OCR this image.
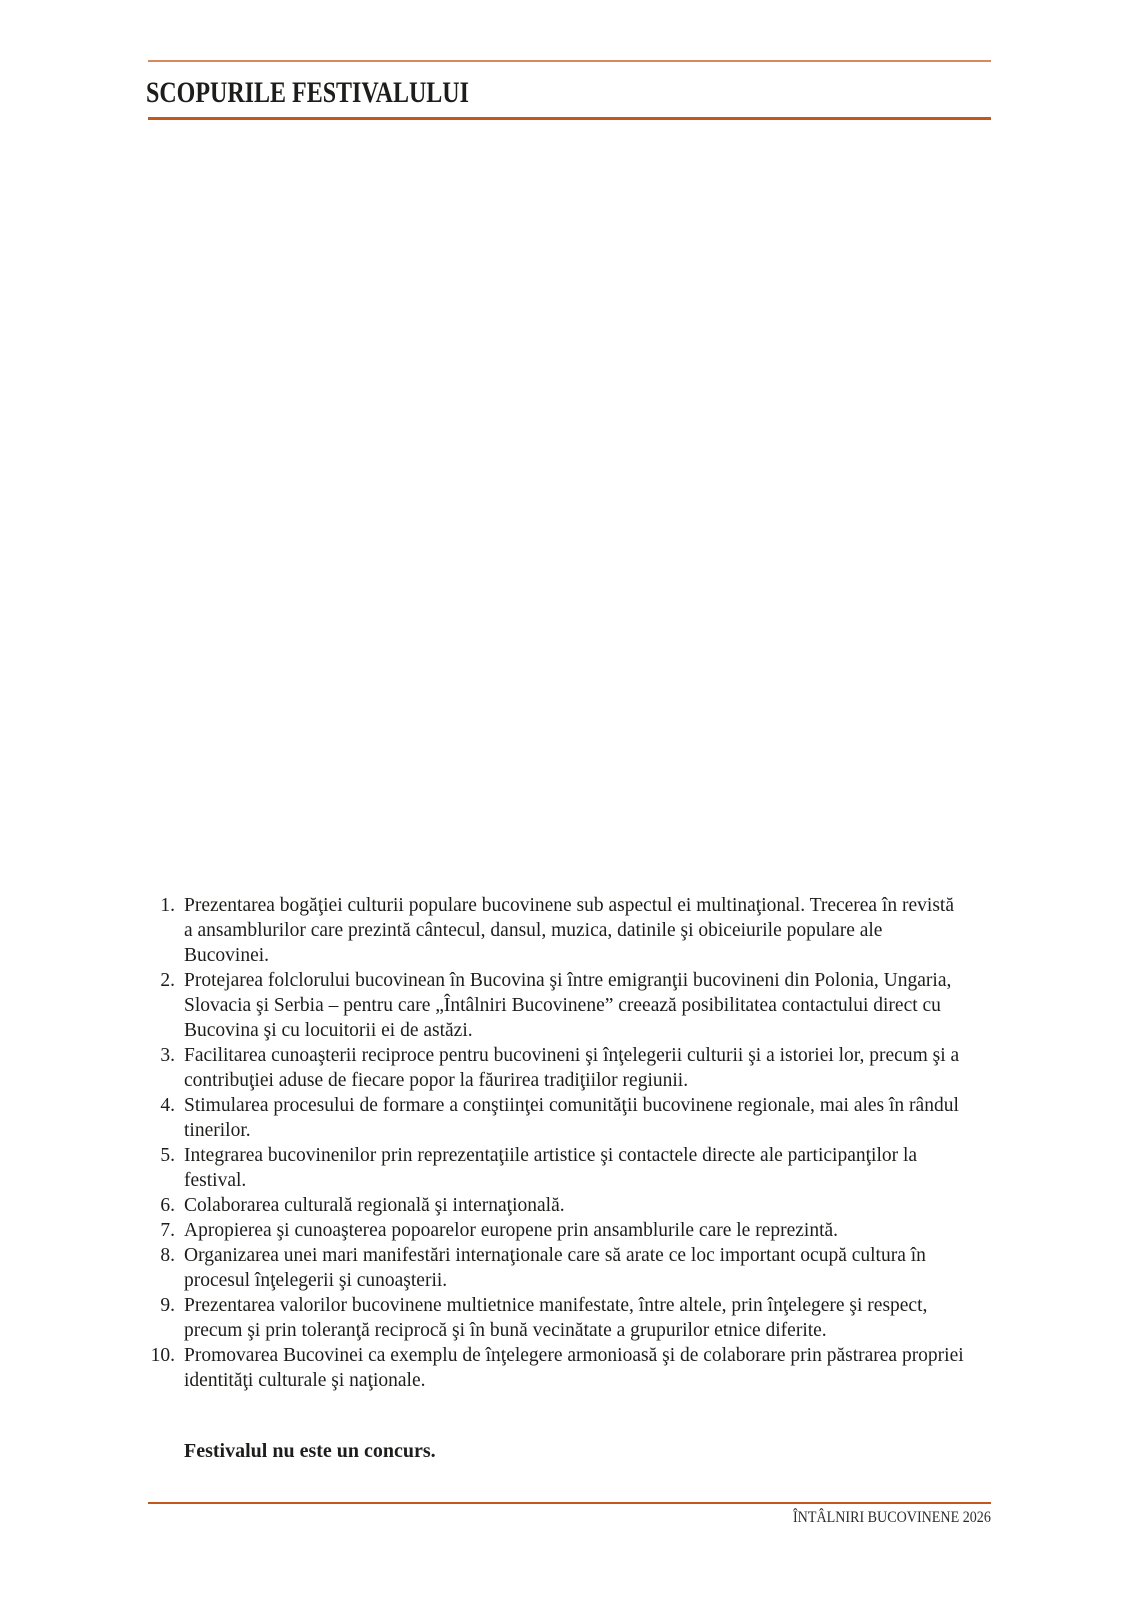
SCOPURILE FESTIVALULUI
Prezentarea bogăţiei culturii populare bucovinene sub aspectul ei multinaţional. Trecerea în revistă a ansamblurilor care prezintă cântecul, dansul, muzica, datinile şi obiceiurile populare ale Bucovinei.
Protejarea folclorului bucovinean în Bucovina şi între emigranţii bucovineni din Polonia, Ungaria, Slovacia şi Serbia – pentru care „Întâlniri Bucovinene” creează posibilitatea contactului direct cu Bucovina şi cu locuitorii ei de astăzi.
Facilitarea cunoaşterii reciproce pentru bucovineni şi înţelegerii culturii şi a istoriei lor, precum şi a contribuţiei aduse de fiecare popor la făurirea tradiţiilor regiunii.
Stimularea procesului de formare a conştiinţei comunităţii bucovinene regionale, mai ales în rândul tinerilor.
Integrarea bucovinenilor prin reprezentaţiile artistice şi contactele directe ale participanţilor la festival.
Colaborarea culturală regională şi internaţională.
Apropierea şi cunoaşterea popoarelor europene prin ansamblurile care le reprezintă.
Organizarea unei mari manifestări internaţionale care să arate ce loc important ocupă cultura în procesul înţelegerii şi cunoaşterii.
Prezentarea valorilor bucovinene multietnice manifestate, între altele, prin înţelegere şi respect, precum şi prin toleranţă reciprocă şi în bună vecinătate a grupurilor etnice diferite.
Promovarea Bucovinei ca exemplu de înţelegere armonioasă şi de colaborare prin păstrarea propriei identităţi culturale şi naţionale.

Festivalul nu este un concurs.

ÎNTÂLNIRI BUCOVINENE 2026
